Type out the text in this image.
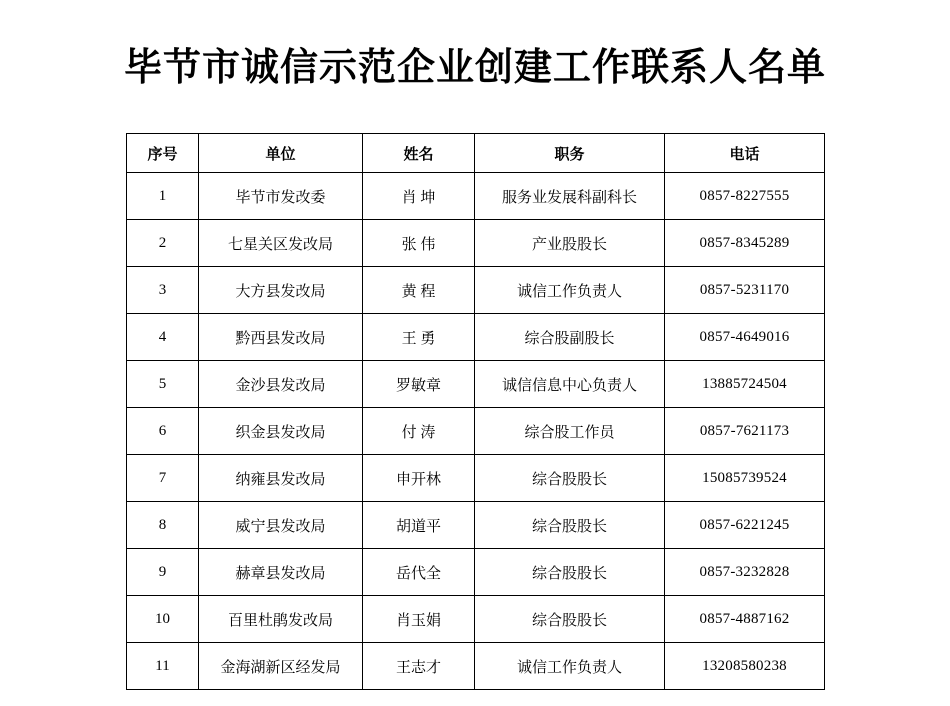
毕节市诚信示范企业创建工作联系人名单
序号	单位	姓名	职务	电话
1	毕节市发改委	肖 坤	服务业发展科副科长	0857-8227555
2	七星关区发改局	张 伟	产业股股长	0857-8345289
3	大方县发改局	黄 程	诚信工作负责人	0857-5231170
4	黔西县发改局	王 勇	综合股副股长	0857-4649016
5	金沙县发改局	罗敏章	诚信信息中心负责人	13885724504
6	织金县发改局	付 涛	综合股工作员	0857-7621173
7	纳雍县发改局	申开林	综合股股长	15085739524
8	威宁县发改局	胡道平	综合股股长	0857-6221245
9	赫章县发改局	岳代全	综合股股长	0857-3232828
10	百里杜鹃发改局	肖玉娟	综合股股长	0857-4887162
11	金海湖新区经发局	王志才	诚信工作负责人	13208580238
